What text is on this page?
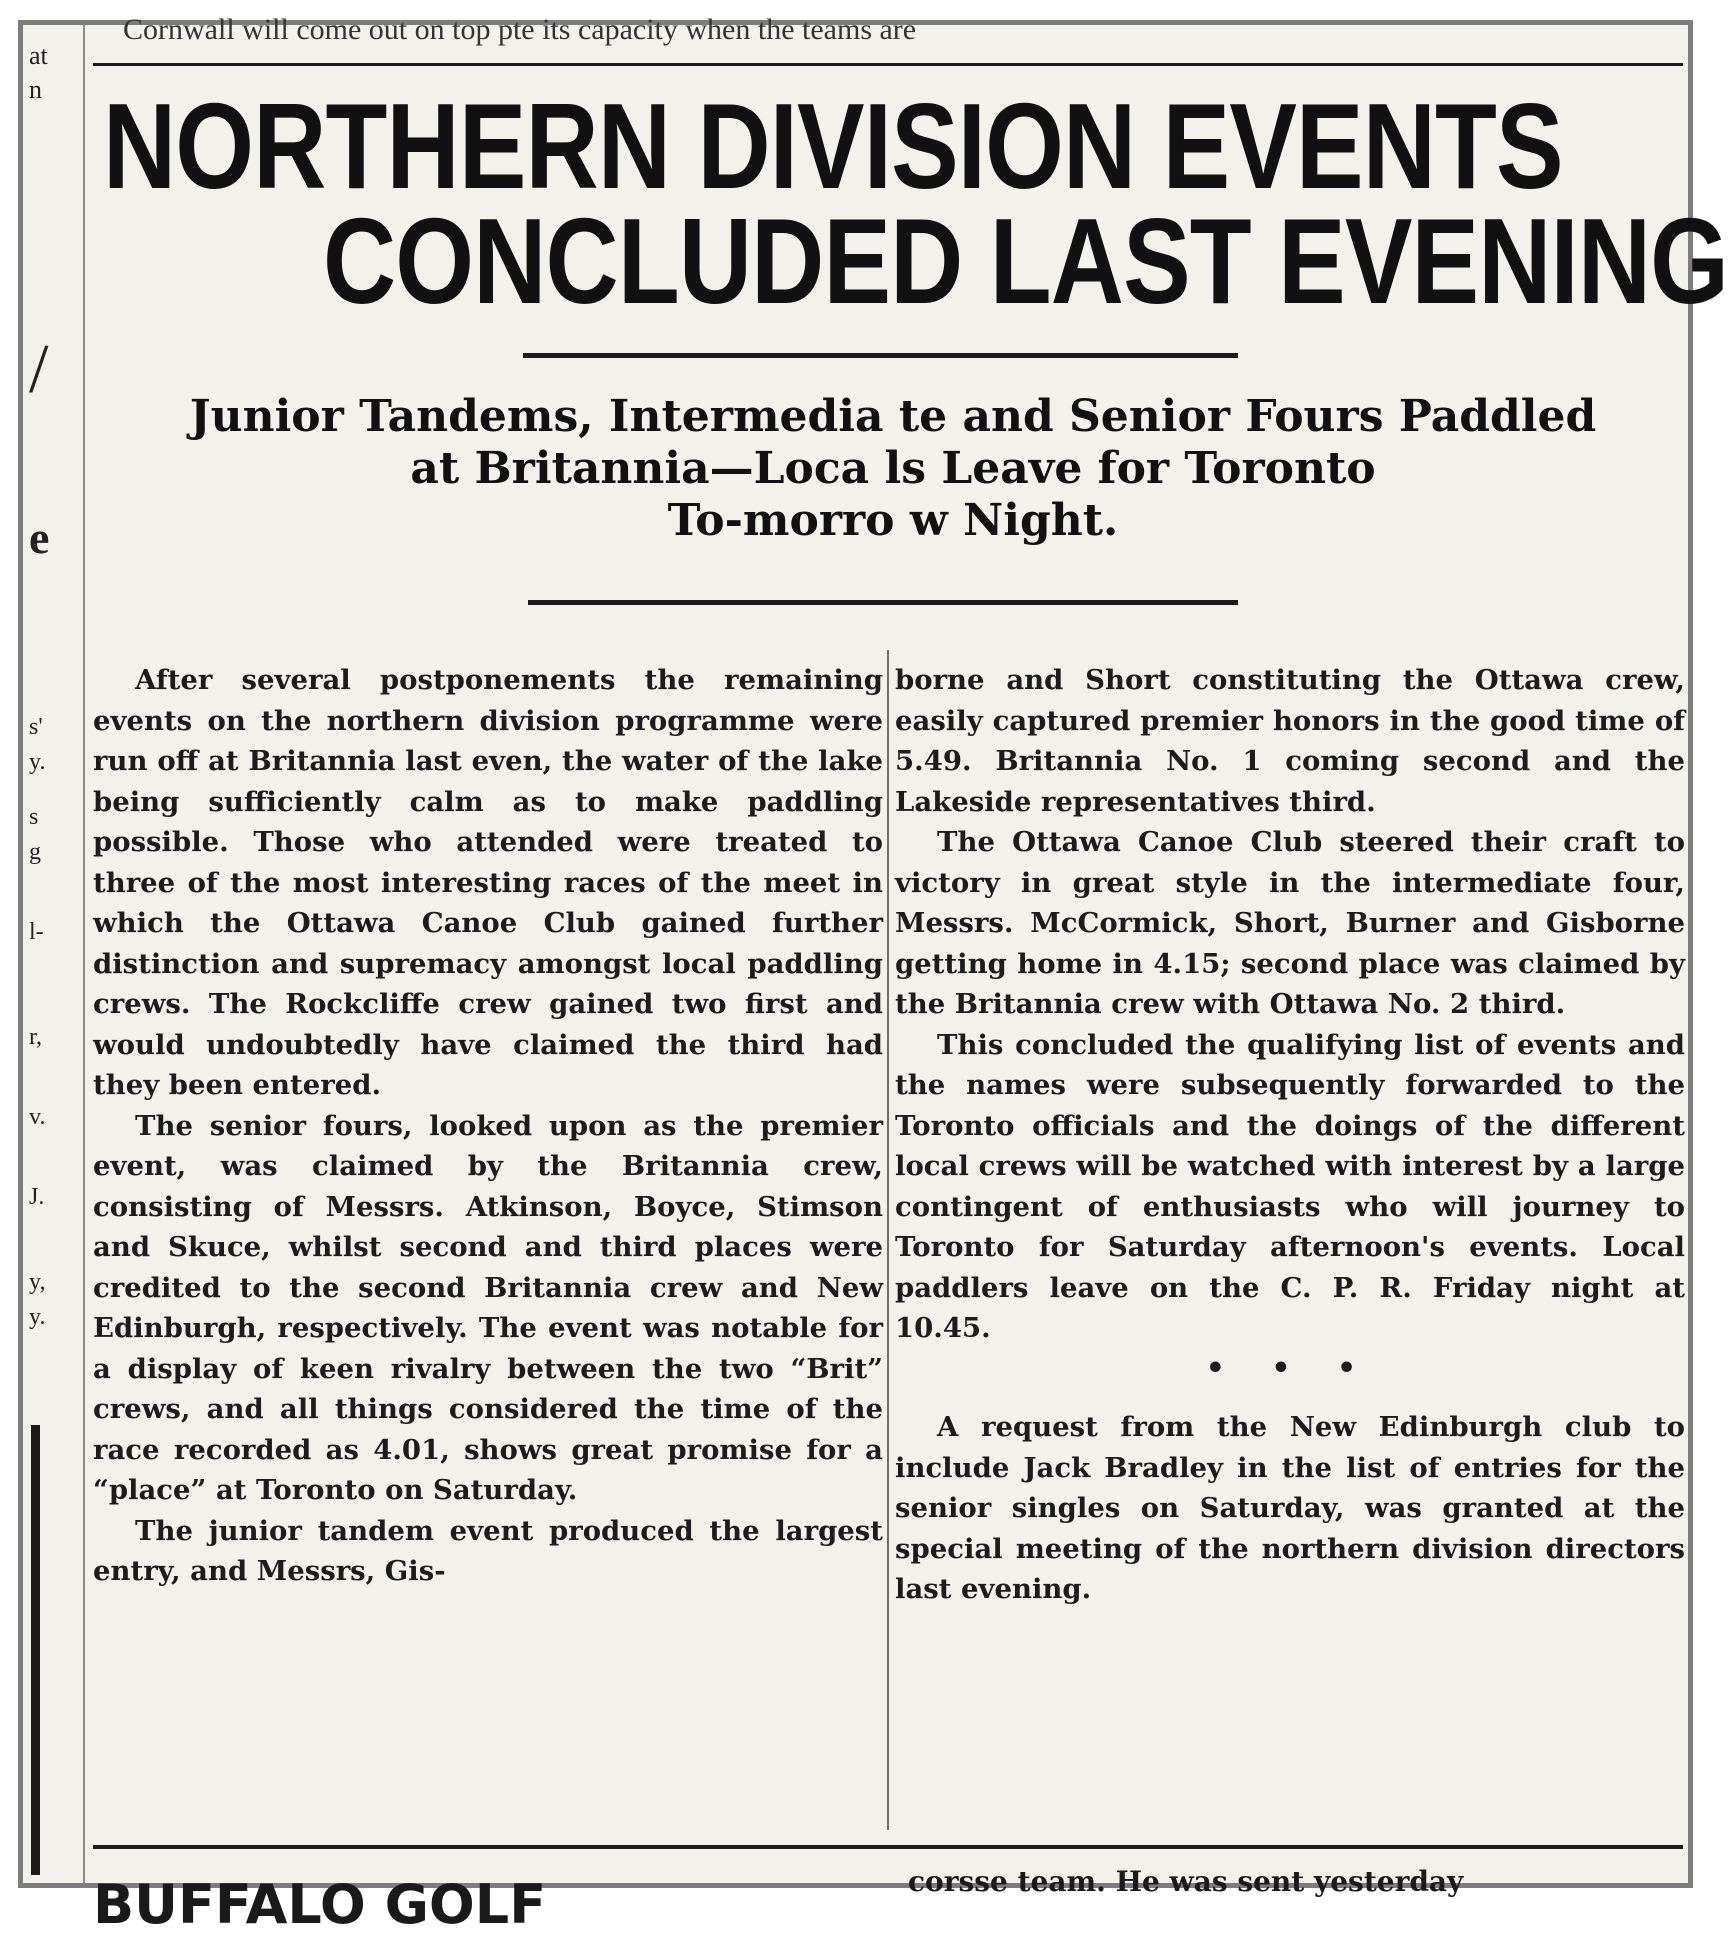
Cornwall will come out on top pte its capacity when the teams are
at
n
/
e
s'
y.
s
g
l-
r,
v.
J.
y,
y.
NORTHERN DIVISION EVENTS
CONCLUDED LAST EVENING
Junior Tandems, Intermedia te and Senior Fours Paddled
at Britannia—Loca ls Leave for Toronto
To-morro w Night.

After several postponements the remaining events on the northern division programme were run off at Britannia last even, the water of the lake being sufficiently calm as to make paddling possible. Those who attended were treated to three of the most interesting races of the meet in which the Ottawa Canoe Club gained further distinction and supremacy amongst local paddling crews. The Rockcliffe crew gained two first and would undoubtedly have claimed the third had they been entered.

The senior fours, looked upon as the premier event, was claimed by the Britannia crew, consisting of Messrs. Atkinson, Boyce, Stimson and Skuce, whilst second and third places were credited to the second Britannia crew and New Edinburgh, respectively. The event was notable for a display of keen rivalry between the two “Brit” crews, and all things considered the time of the race recorded as 4.01, shows great promise for a “place” at Toronto on Saturday.

The junior tandem event produced the largest entry, and Messrs, Gis-

borne and Short constituting the Ottawa crew, easily captured premier honors in the good time of 5.49. Britannia No. 1 coming second and the Lakeside representatives third.

The Ottawa Canoe Club steered their craft to victory in great style in the intermediate four, Messrs. McCormick, Short, Burner and Gisborne getting home in 4.15; second place was claimed by the Britannia crew with Ottawa No. 2 third.

This concluded the qualifying list of events and the names were subsequently forwarded to the Toronto officials and the doings of the different local crews will be watched with interest by a large contingent of enthusiasts who will journey to Toronto for Saturday afternoon's events. Local paddlers leave on the C. P. R. Friday night at 10.45.

• • •

A request from the New Edinburgh club to include Jack Bradley in the list of entries for the senior singles on Saturday, was granted at the special meeting of the northern division directors last evening.

BUFFALO GOLF	corsse team. He was sent yesterday
